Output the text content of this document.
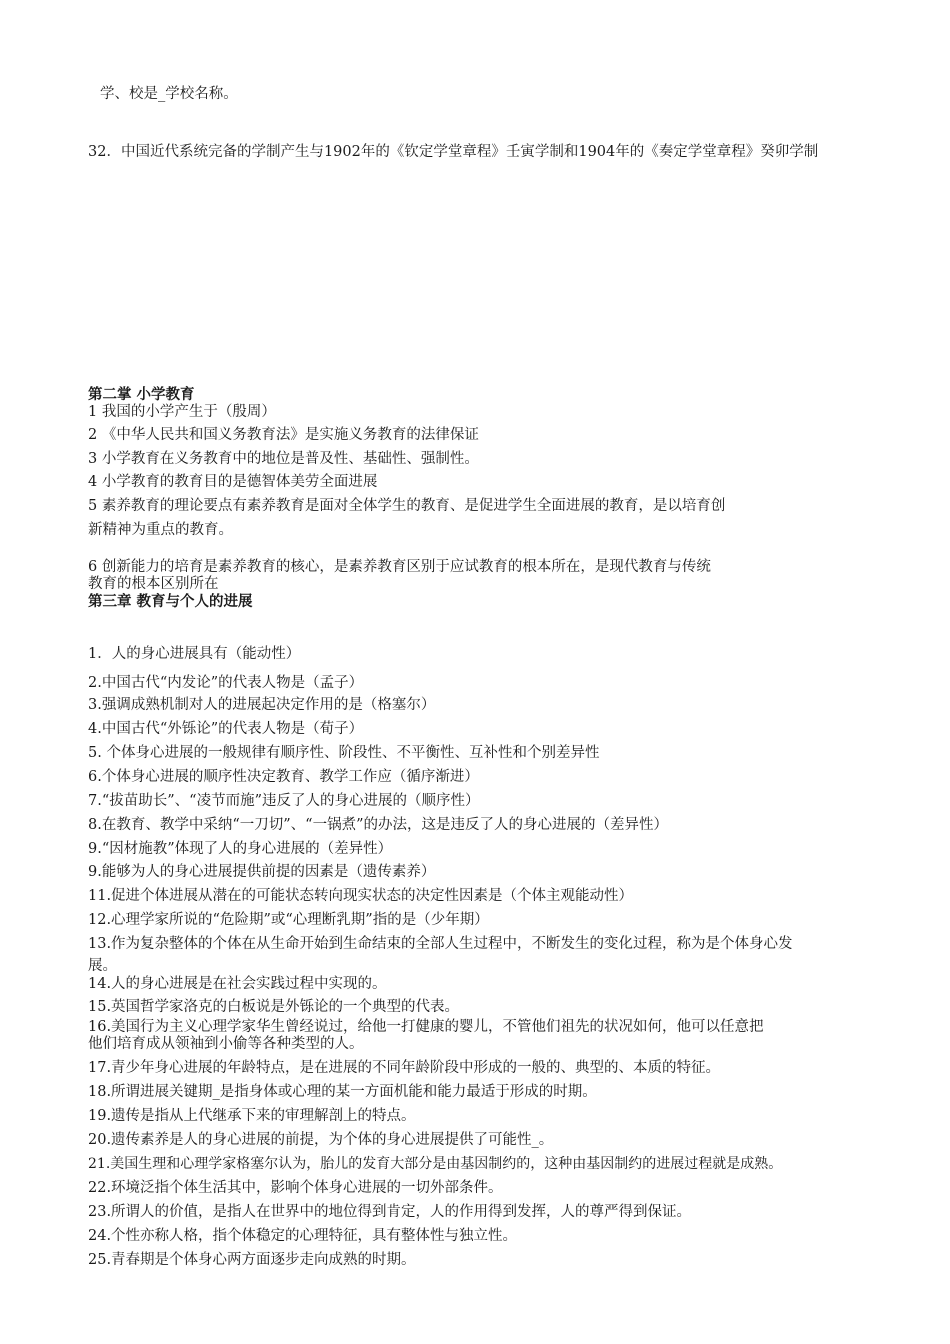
学、校是_学校名称。
32．中国近代系统完备的学制产生与1902年的《钦定学堂章程》壬寅学制和1904年的《奏定学堂章程》癸卯学制
第二掌 小学教育
1 我国的小学产生于（殷周）
2 《中华人民共和国义务教育法》是实施义务教育的法律保证
3 小学教育在义务教育中的地位是普及性、基础性、强制性。
4 小学教育的教育目的是德智体美劳全面进展
5 素养教育的理论要点有素养教育是面对全体学生的教育、是促进学生全面进展的教育，是以培育创
新精神为重点的教育。
6 创新能力的培育是素养教育的核心，是素养教育区别于应试教育的根本所在，是现代教育与传统
教育的根本区别所在
第三章 教育与个人的进展
1．人的身心进展具有（能动性）
2.中国古代“内发论”的代表人物是（孟子）
3.强调成熟机制对人的进展起决定作用的是（格塞尔）
4.中国古代“外铄论”的代表人物是（荀子）
5. 个体身心进展的一般规律有顺序性、阶段性、不平衡性、互补性和个别差异性
6.个体身心进展的顺序性决定教育、教学工作应（循序渐进）
7.“拔苗助长”、“凌节而施”违反了人的身心进展的（顺序性）
8.在教育、教学中采纳“一刀切”、“一锅煮”的办法，这是违反了人的身心进展的（差异性）
9.“因材施教”体现了人的身心进展的（差异性）
9.能够为人的身心进展提供前提的因素是（遗传素养）
11.促进个体进展从潜在的可能状态转向现实状态的决定性因素是（个体主观能动性）
12.心理学家所说的“危险期”或“心理断乳期”指的是（少年期）
13.作为复杂整体的个体在从生命开始到生命结束的全部人生过程中，不断发生的变化过程，称为是个体身心发
展。
14.人的身心进展是在社会实践过程中实现的。
15.英国哲学家洛克的白板说是外铄论的一个典型的代表。
16.美国行为主义心理学家华生曾经说过，给他一打健康的婴儿，不管他们祖先的状况如何，他可以任意把
他们培育成从领袖到小偷等各种类型的人。
17.青少年身心进展的年龄特点，是在进展的不同年龄阶段中形成的一般的、典型的、本质的特征。
18.所谓进展关键期_是指身体或心理的某一方面机能和能力最适于形成的时期。
19.遗传是指从上代继承下来的审理解剖上的特点。
20.遗传素养是人的身心进展的前提，为个体的身心进展提供了可能性_。
21.美国生理和心理学家格塞尔认为，胎儿的发育大部分是由基因制约的，这种由基因制约的进展过程就是成熟。
22.环境泛指个体生活其中，影响个体身心进展的一切外部条件。
23.所谓人的价值，是指人在世界中的地位得到肯定，人的作用得到发挥，人的尊严得到保证。
24.个性亦称人格，指个体稳定的心理特征，具有整体性与独立性。
25.青春期是个体身心两方面逐步走向成熟的时期。
